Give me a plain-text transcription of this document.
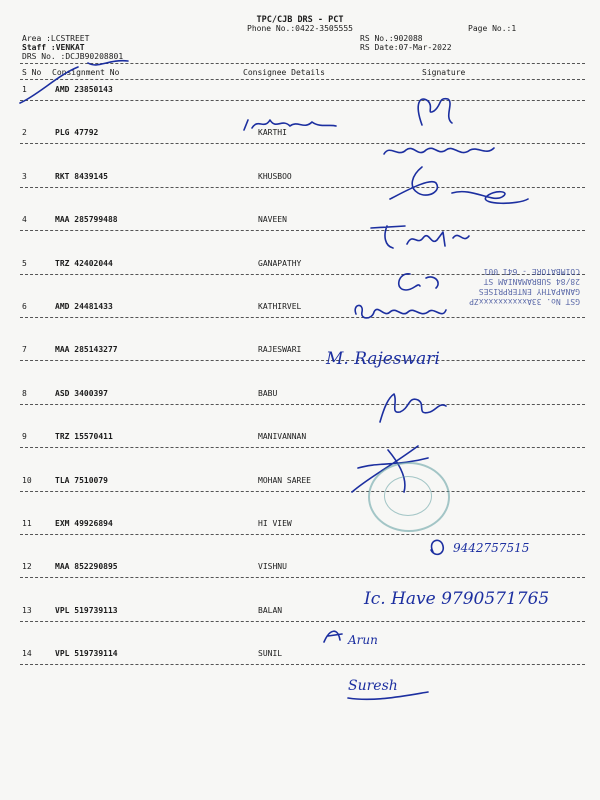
TPC/CJB DRS - PCT
Phone No.:0422-3505555
RS No.:902088
RS Date:07-Mar-2022
Page No.:1
Area :LCSTREET
Staff :VENKAT
DRS No. :DCJB90208801
S No Consignment No	Consignee Details	Signature
1	AMD 23850143
2	PLG 47792	KARTHI
3	RKT 8439145	KHUSBOO
4	MAA 285799488	NAVEEN
5	TRZ 42402044	GANAPATHY
6	AMD 24481433	KATHIRVEL
7	MAA 285143277	RAJESWARI
8	ASD 3400397	BABU
9	TRZ 15570411	MANIVANNAN
10	TLA 7510079	MOHAN SAREE
11	EXM 49926894	HI VIEW
12	MAA 852290895	VISHNU
13	VPL 519739113	BALAN
14	VPL 519739114	SUNIL
M. Rajeswari
9442757515
Ic. Have 9790571765
Arun
Suresh
GST No. 33AxxxxxxxxxxZP
GANAPATHY ENTERPRISES
28/84 SUBRAMANIAM ST
COIMBATORE - 641 001
